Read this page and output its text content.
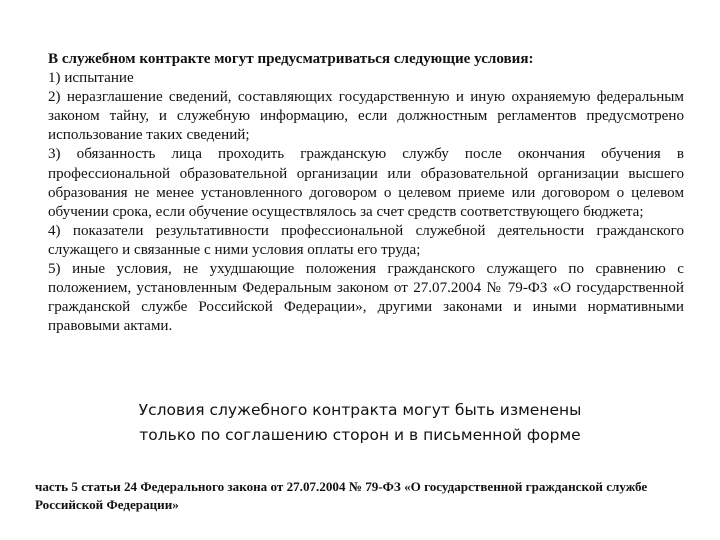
В служебном контракте могут предусматриваться следующие условия:

1) испытание

2) неразглашение сведений, составляющих государственную и иную охраняемую федеральным законом тайну, и служебную информацию, если должностным регламентов предусмотрено использование таких сведений;

3) обязанность лица проходить гражданскую службу после окончания обучения в профессиональной образовательной организации или образовательной организации высшего образования не менее установленного договором о целевом приеме или договором о целевом обучении срока, если обучение осуществлялось за счет средств соответствующего бюджета;

4) показатели результативности профессиональной служебной деятельности гражданского служащего и связанные с ними условия оплаты его труда;

5) иные условия, не ухудшающие положения гражданского служащего по сравнению с положением, установленным Федеральным законом от 27.07.2004 № 79-ФЗ «О государственной гражданской службе Российской Федерации», другими законами и иными нормативными правовыми актами.

Условия служебного контракта могут быть изменены
только по соглашению сторон и в письменной форме
часть 5 статьи 24 Федерального закона от 27.07.2004 № 79-ФЗ «О государственной гражданской службе Российской Федерации»
